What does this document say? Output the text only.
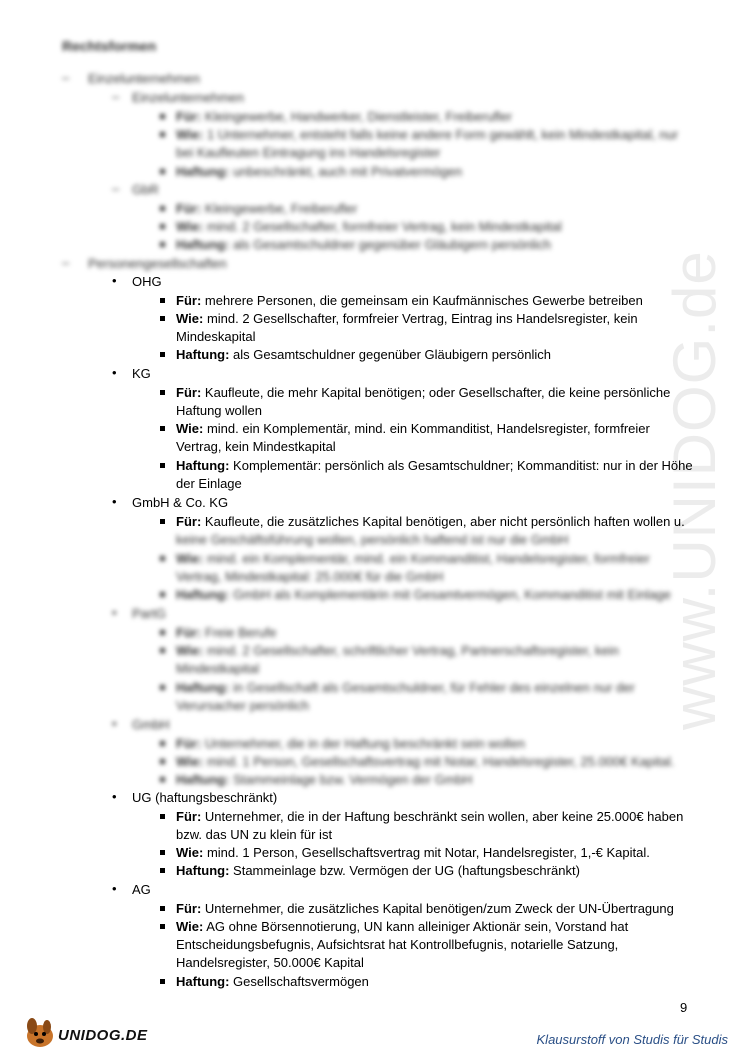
www.UNIDOG.de
Rechtsformen
– Einzelunternehmen
– Einzelunternehmen
Für: Kleingewerbe, Handwerker, Dienstleister, Freiberufler
Wie: 1 Unternehmer, entsteht falls keine andere Form gewählt, kein Mindestkapital, nur
bei Kaufleuten Eintragung ins Handelsregister
Haftung: unbeschränkt, auch mit Privatvermögen
– GbR
Für: Kleingewerbe, Freiberufler
Wie: mind. 2 Gesellschafter, formfreier Vertrag, kein Mindestkapital
Haftung: als Gesamtschuldner gegenüber Gläubigern persönlich
– Personengesellschaften
• OHG
Für: mehrere Personen, die gemeinsam ein Kaufmännisches Gewerbe betreiben
Wie: mind. 2 Gesellschafter, formfreier Vertrag, Eintrag ins Handelsregister, kein
Mindeskapital
Haftung: als Gesamtschuldner gegenüber Gläubigern persönlich
• KG
Für: Kaufleute, die mehr Kapital benötigen; oder Gesellschafter, die keine persönliche
Haftung wollen
Wie: mind. ein Komplementär, mind. ein Kommanditist, Handelsregister, formfreier
Vertrag, kein Mindestkapital
Haftung: Komplementär: persönlich als Gesamtschuldner; Kommanditist: nur in der Höhe
der Einlage
• GmbH & Co. KG
Für: Kaufleute, die zusätzliches Kapital benötigen, aber nicht persönlich haften wollen u.
keine Geschäftsführung wollen, persönlich haftend ist nur die GmbH
Wie: mind. ein Komplementär, mind. ein Kommanditist, Handelsregister, formfreier
Vertrag, Mindestkapital: 25.000€ für die GmbH
Haftung: GmbH als Komplementärin mit Gesamtvermögen, Kommanditist mit Einlage
• PartG
Für: Freie Berufe
Wie: mind. 2 Gesellschafter, schriftlicher Vertrag, Partnerschaftsregister, kein
Mindestkapital
Haftung: in Gesellschaft als Gesamtschuldner, für Fehler des einzelnen nur der
Verursacher persönlich
• GmbH
Für: Unternehmer, die in der Haftung beschränkt sein wollen
Wie: mind. 1 Person, Gesellschaftsvertrag mit Notar, Handelsregister, 25.000€ Kapital.
Haftung: Stammeinlage bzw. Vermögen der GmbH
• UG (haftungsbeschränkt)
Für: Unternehmer, die in der Haftung beschränkt sein wollen, aber keine 25.000€ haben
bzw. das UN zu klein für ist
Wie: mind. 1 Person, Gesellschaftsvertrag mit Notar, Handelsregister, 1,-€ Kapital.
Haftung: Stammeinlage bzw. Vermögen der UG (haftungsbeschränkt)
• AG
Für: Unternehmer, die zusätzliches Kapital benötigen/zum Zweck der UN-Übertragung
Wie: AG ohne Börsennotierung, UN kann alleiniger Aktionär sein, Vorstand hat
Entscheidungsbefugnis, Aufsichtsrat hat Kontrollbefugnis, notarielle Satzung,
Handelsregister, 50.000€ Kapital
Haftung: Gesellschaftsvermögen
9
UNIDOG.DE	Klausurstoff von Studis für Studis
